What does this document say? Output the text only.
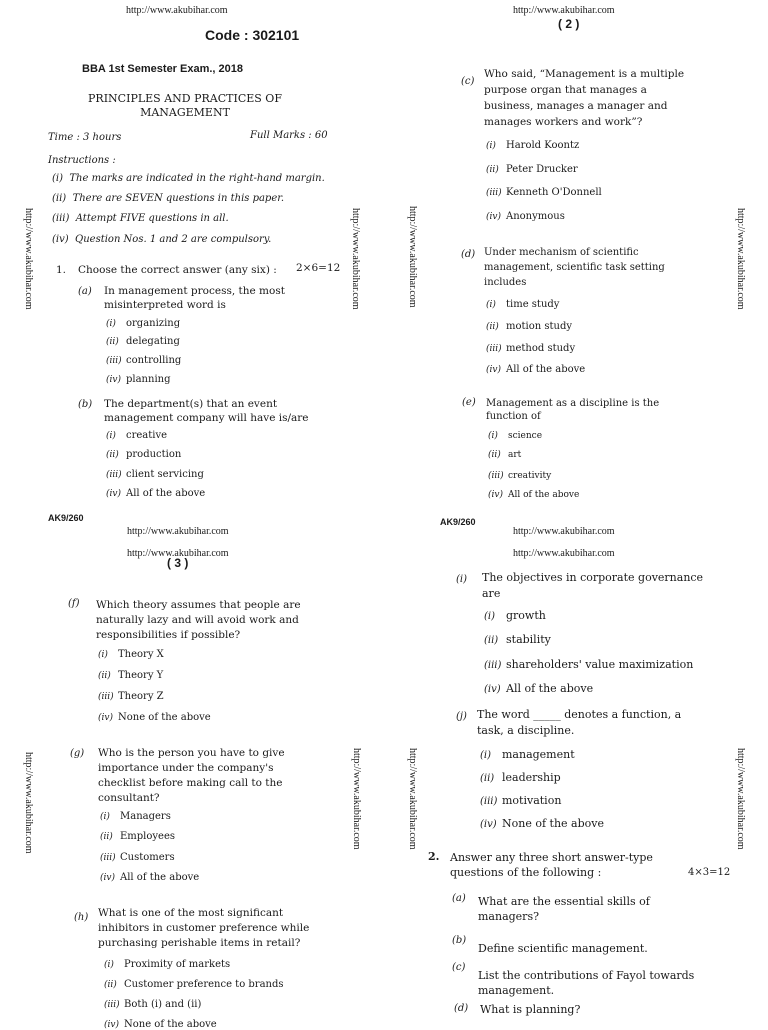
http://www.akubihar.com
Code : 302101
BBA 1st Semester Exam., 2018
PRINCIPLES AND PRACTICES OF
MANAGEMENT
Time : 3 hours	Full Marks : 60
Instructions :
(i) The marks are indicated in the right-hand margin.
(ii) There are SEVEN questions in this paper.
(iii) Attempt FIVE questions in all.
(iv) Question Nos. 1 and 2 are compulsory.
1. Choose the correct answer (any six) : 2×6=12
(a) In management process, the most
misinterpreted word is
(i) organizing
(ii) delegating
(iii) controlling
(iv) planning
(b) The department(s) that an event
management company will have is/are
(i) creative
(ii) production
(iii) client servicing
(iv) All of the above
AK9/260
http://www.akubihar.com	http://www.akubihar.com
http://www.akubihar.com
( 2 )
(c)
Who said, “Management is a multiple
purpose organ that manages a
business, manages a manager and
manages workers and work”?
(i) Harold Koontz
(ii) Peter Drucker
(iii) Kenneth O'Donnell
(iv) Anonymous
(d) Under mechanism of scientific
management, scientific task setting
includes
(i) time study
(ii) motion study
(iii) method study
(iv) All of the above
(e) Management as a discipline is the
function of
(i) science
(ii) art
(iii) creativity
(iv) All of the above
AK9/260
http://www.akubihar.com	http://www.akubihar.com
http://www.akubihar.com
http://www.akubihar.com
( 3 )
(f) Which theory assumes that people are
naturally lazy and will avoid work and
responsibilities if possible?
(i) Theory X
(ii) Theory Y
(iii) Theory Z
(iv) None of the above
(g) Who is the person you have to give
importance under the company's
checklist before making call to the
consultant?
(i) Managers
(ii) Employees
(iii) Customers
(iv) All of the above
(h) What is one of the most significant
inhibitors in customer preference while
purchasing perishable items in retail?
(i) Proximity of markets
(ii) Customer preference to brands
(iii) Both (i) and (ii)
(iv) None of the above
http://www.akubihar.com	http://www.akubihar.com
http://www.akubihar.com
http://www.akubihar.com
(i) The objectives in corporate governance
are
(i) growth
(ii) stability
(iii) shareholders' value maximization
(iv) All of the above
(j) The word _____ denotes a function, a
task, a discipline.
(i) management
(ii) leadership
(iii) motivation
(iv) None of the above
2. Answer any three short answer-type
questions of the following :	4×3=12
(a) What are the essential skills of managers?
(b)
Define scientific management.
(c)
List the contributions of Fayol towards management.
(d) What is planning?
http://www.akubihar.com	http://www.akubihar.com
